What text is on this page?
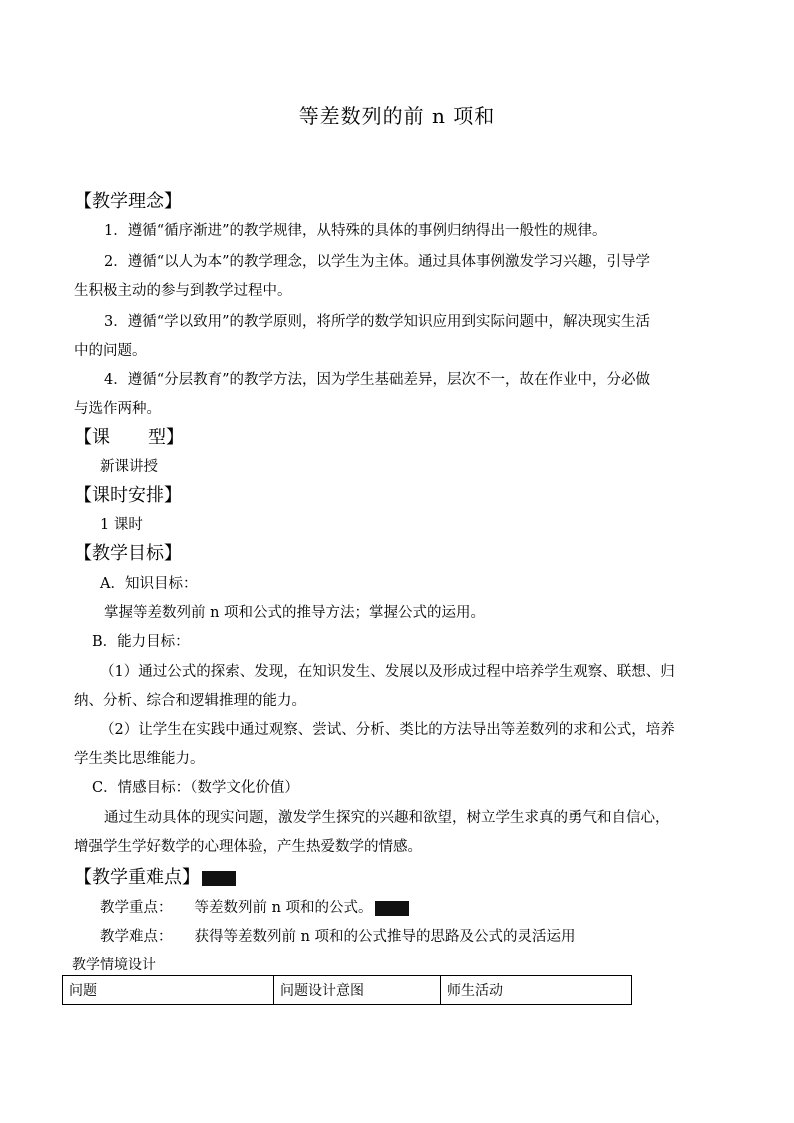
等差数列的前 n 项和
【教学理念】
1．遵循“循序渐进”的教学规律，从特殊的具体的事例归纳得出一般性的规律。
2．遵循“以人为本”的教学理念，以学生为主体。通过具体事例激发学习兴趣，引导学
生积极主动的参与到教学过程中。
3．遵循“学以致用”的教学原则，将所学的数学知识应用到实际问题中，解决现实生活
中的问题。
4．遵循“分层教育”的教学方法，因为学生基础差异，层次不一，故在作业中，分必做
与选作两种。
【课 型】
新课讲授
【课时安排】
1 课时
【教学目标】
A．知识目标：
掌握等差数列前 n 项和公式的推导方法；掌握公式的运用。
B．能力目标：
（1）通过公式的探索、发现，在知识发生、发展以及形成过程中培养学生观察、联想、归
纳、分析、综合和逻辑推理的能力。
（2）让学生在实践中通过观察、尝试、分析、类比的方法导出等差数列的求和公式，培养
学生类比思维能力。
C．情感目标：（数学文化价值）
通过生动具体的现实问题，激发学生探究的兴趣和欲望，树立学生求真的勇气和自信心，
增强学生学好数学的心理体验，产生热爱数学的情感。
【教学重难点】
教学重点： 等差数列前 n 项和的公式。
教学难点： 获得等差数列前 n 项和的公式推导的思路及公式的灵活运用
教学情境设计
问题	问题设计意图	师生活动
